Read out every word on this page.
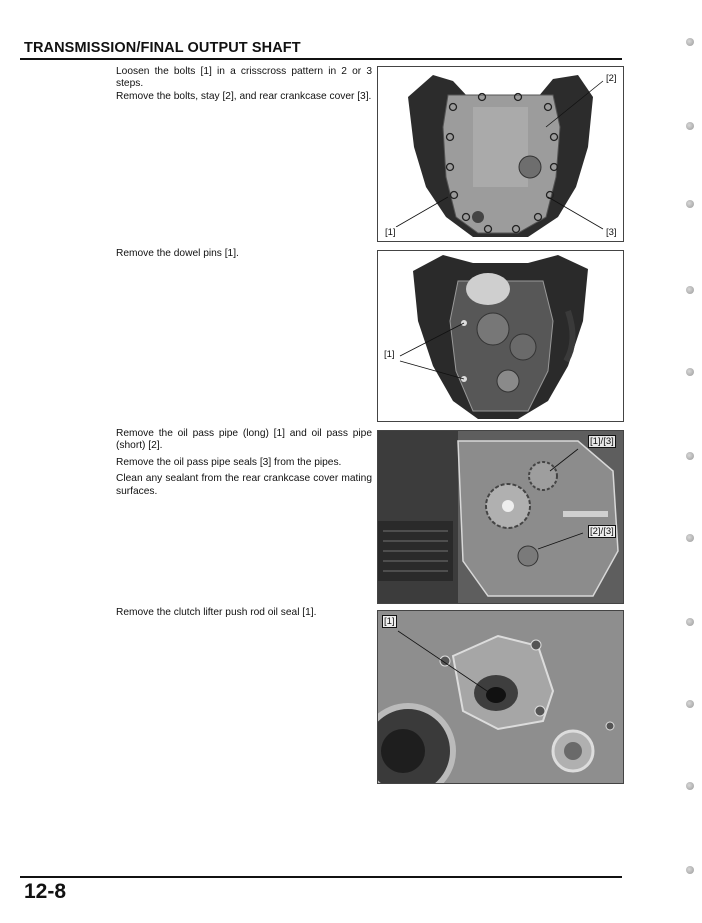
TRANSMISSION/FINAL OUTPUT SHAFT

Loosen the bolts [1] in a crisscross pattern in 2 or 3 steps.

Remove the bolts, stay [2], and rear crankcase cover [3].

[2]
[1]	[3]

Remove the dowel pins [1].

[1]

Remove the oil pass pipe (long) [1] and oil pass pipe (short) [2].

Remove the oil pass pipe seals [3] from the pipes.

Clean any sealant from the rear crankcase cover mating surfaces.

[1]/[3]
[2]/[3]

Remove the clutch lifter push rod oil seal [1].

[1]
12-8
